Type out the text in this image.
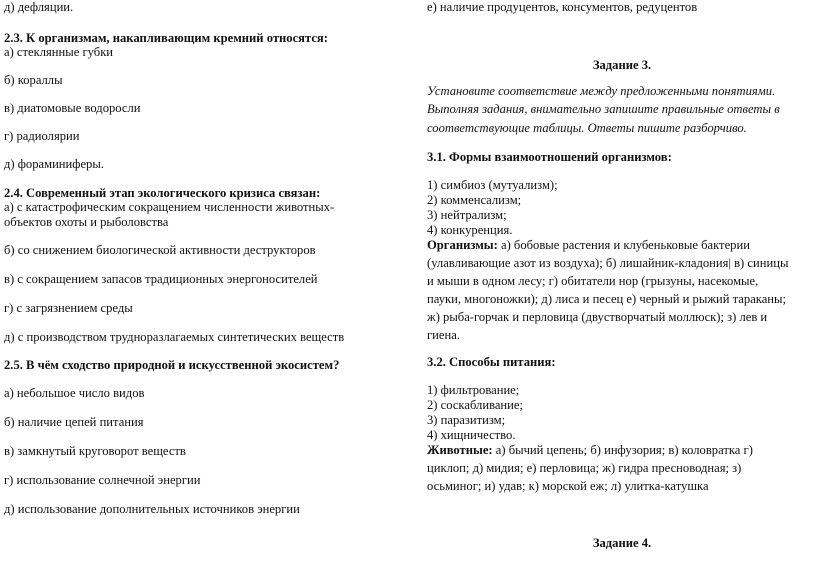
д) дефляции.
2.3. К организмам, накапливающим кремний относятся:
а) стеклянные губки
б) кораллы
в) диатомовые водоросли
г) радиолярии
д) фораминиферы.
2.4. Современный этап экологического кризиса связан:
а) с катастрофическим сокращением численности животных-
объектов охоты и рыболовства
б) со снижением биологической активности деструкторов
в) с сокращением запасов традиционных энергоносителей
г) с загрязнением среды
д) с производством трудноразлагаемых синтетических веществ
2.5. В чём сходство природной и искусственной экосистем?
а) небольшое число видов
б) наличие цепей питания
в) замкнутый круговорот веществ
г) использование солнечной энергии
д) использование дополнительных источников энергии
е) наличие продуцентов, консументов, редуцентов
Задание 3.
Установите соответствие между предложенными понятиями.
Выполняя задания, внимательно запишите правильные ответы в
соответствующие таблицы. Ответы пишите разборчиво.
3.1. Формы взаимоотношений организмов:
1) симбиоз (мутуализм);
2) комменсализм;
3) нейтрализм;
4) конкуренция.
Организмы: а) бобовые растения и клубеньковые бактерии
(улавливающие азот из воздуха); б) лишайник-кладония| в) синицы
и мыши в одном лесу; г) обитатели нор (грызуны, насекомые,
пауки, многоножки); д) лиса и песец е) черный и рыжий тараканы;
ж) рыба-горчак и перловица (двустворчатый моллюск); з) лев и
гиена.
3.2. Способы питания:
1) фильтрование;
2) соскабливание;
3) паразитизм;
4) хищничество.
Животные: а) бычий цепень; б) инфузория; в) коловратка г)
циклоп; д) мидия; е) перловица; ж) гидра пресноводная; з)
осьминог; и) удав; к) морской еж; л) улитка-катушка
Задание 4.
